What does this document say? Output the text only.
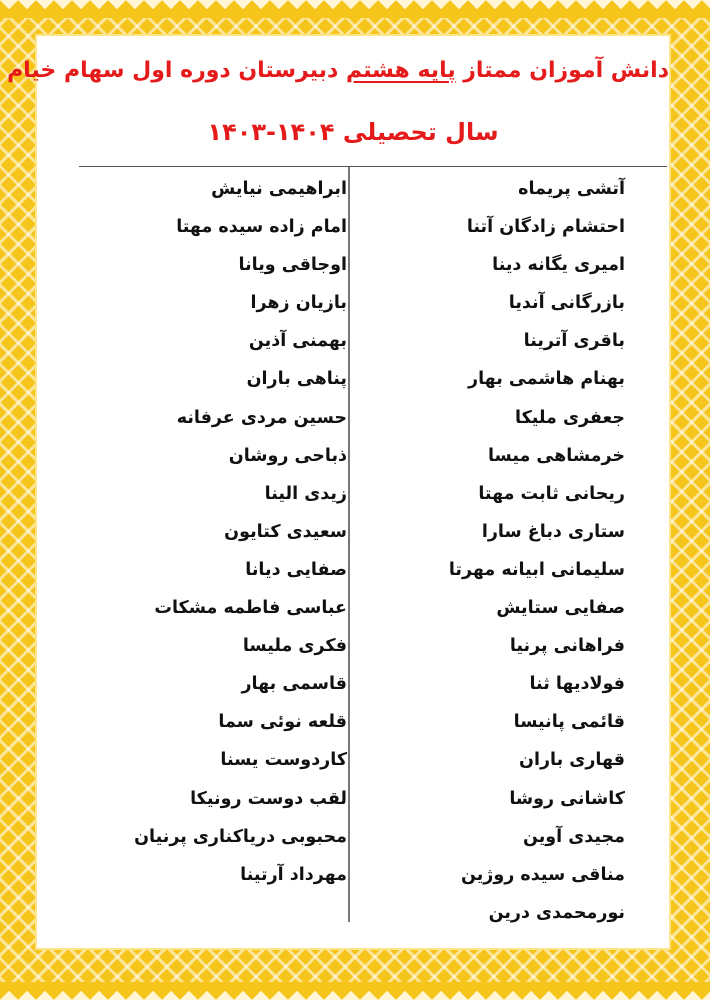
دانش آموزان ممتاز پایه هشتم دبیرستان دوره اول سهام خیام
سال تحصیلی ۱۴۰۴-۱۴۰۳
آتشی پریماه
احتشام زادگان آتنا
امیری یگانه دینا
بازرگانی آندیا
باقری آترینا
بهنام هاشمی بهار
جعفری ملیکا
خرمشاهی میسا
ریحانی ثابت مهتا
ستاری دباغ سارا
سلیمانی ابیانه مهرتا
صفایی ستایش
فراهانی پرنیا
فولادیها ثنا
قائمی پانیسا
قهاری باران
کاشانی روشا
مجیدی آوین
مناقی سیده روژین
نورمحمدی درین
ابراهیمی نیایش
امام زاده سیده مهتا
اوجاقی ویانا
بازیان زهرا
بهمنی آذین
پناهی باران
حسین مردی عرفانه
ذباحی روشان
زیدی الینا
سعیدی کتایون
صفایی دیانا
عباسی فاطمه مشکات
فکری ملیسا
قاسمی بهار
قلعه نوئی سما
کاردوست یسنا
لقب دوست رونیکا
محبوبی دریاکناری پرنیان
مهرداد آرتینا
